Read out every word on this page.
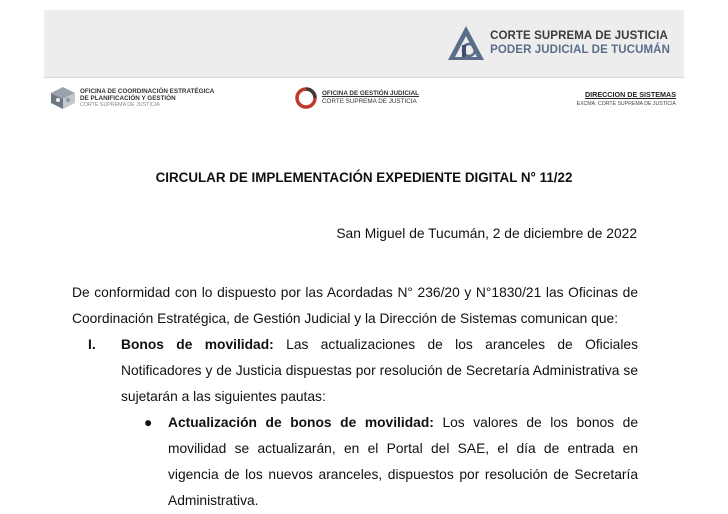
CORTE SUPREMA DE JUSTICIA
PODER JUDICIAL DE TUCUMÁN
OFICINA DE COORDINACIÓN ESTRATÉGICA
DE PLANIFICACIÓN Y GESTIÓN
CORTE SUPREMA DE JUSTICIA
OFICINA DE GESTIÓN JUDICIAL
CORTE SUPREMA DE JUSTICIA
DIRECCION DE SISTEMAS
EXCMA. CORTE SUPREMA DE JUSTICIA
CIRCULAR DE IMPLEMENTACIÓN EXPEDIENTE DIGITAL N° 11/22
San Miguel de Tucumán, 2 de diciembre de 2022
De conformidad con lo dispuesto por las Acordadas N° 236/20 y N°1830/21 las Oficinas de
Coordinación Estratégica, de Gestión Judicial y la Dirección de Sistemas comunican que:
I. Bonos de movilidad: Las actualizaciones de los aranceles de Oficiales Notificadores y de Justicia dispuestas por resolución de Secretaría Administrativa se sujetarán a las siguientes pautas:
● Actualización de bonos de movilidad: Los valores de los bonos de movilidad se actualizarán, en el Portal del SAE, el día de entrada en vigencia de los nuevos aranceles, dispuestos por resolución de Secretaría Administrativa.
